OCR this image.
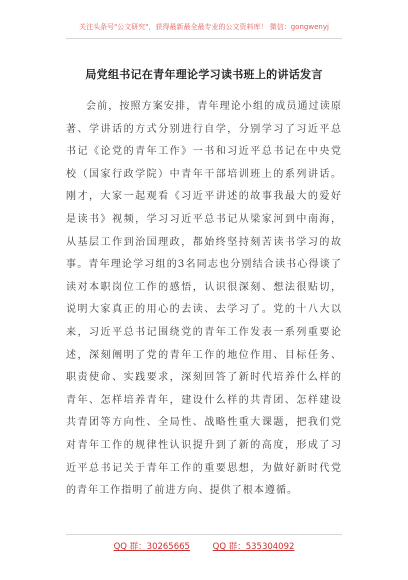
关注头条号"公文研究"，获得最新最全最专业的公文资料库！ 微信：gongwenyj
局党组书记在青年理论学习读书班上的讲话发言

会前，按照方案安排，青年理论小组的成员通过读原著、学讲话的方式分别进行自学，分别学习了习近平总书记《论党的青年工作》一书和习近平总书记在中央党校（国家行政学院）中青年干部培训班上的系列讲话。刚才，大家一起观看《习近平讲述的故事我最大的爱好是读书》视频，学习习近平总书记从梁家河到中南海，从基层工作到治国理政，都始终坚持刻苦读书学习的故事。青年理论学习组的3名同志也分别结合读书心得谈了读对本职岗位工作的感悟，认识很深刻、想法很贴切，说明大家真正的用心的去读、去学习了。党的十八大以来，习近平总书记围绕党的青年工作发表一系列重要论述，深刻阐明了党的青年工作的地位作用、目标任务、职责使命、实践要求，深刻回答了新时代培养什么样的青年、怎样培养青年，建设什么样的共青团、怎样建设共青团等方向性、全局性、战略性重大课题，把我们党对青年工作的规律性认识提升到了新的高度，形成了习近平总书记关于青年工作的重要思想，为做好新时代党的青年工作指明了前进方向、提供了根本遵循。

QQ 群：30265665	QQ 群：535304092
